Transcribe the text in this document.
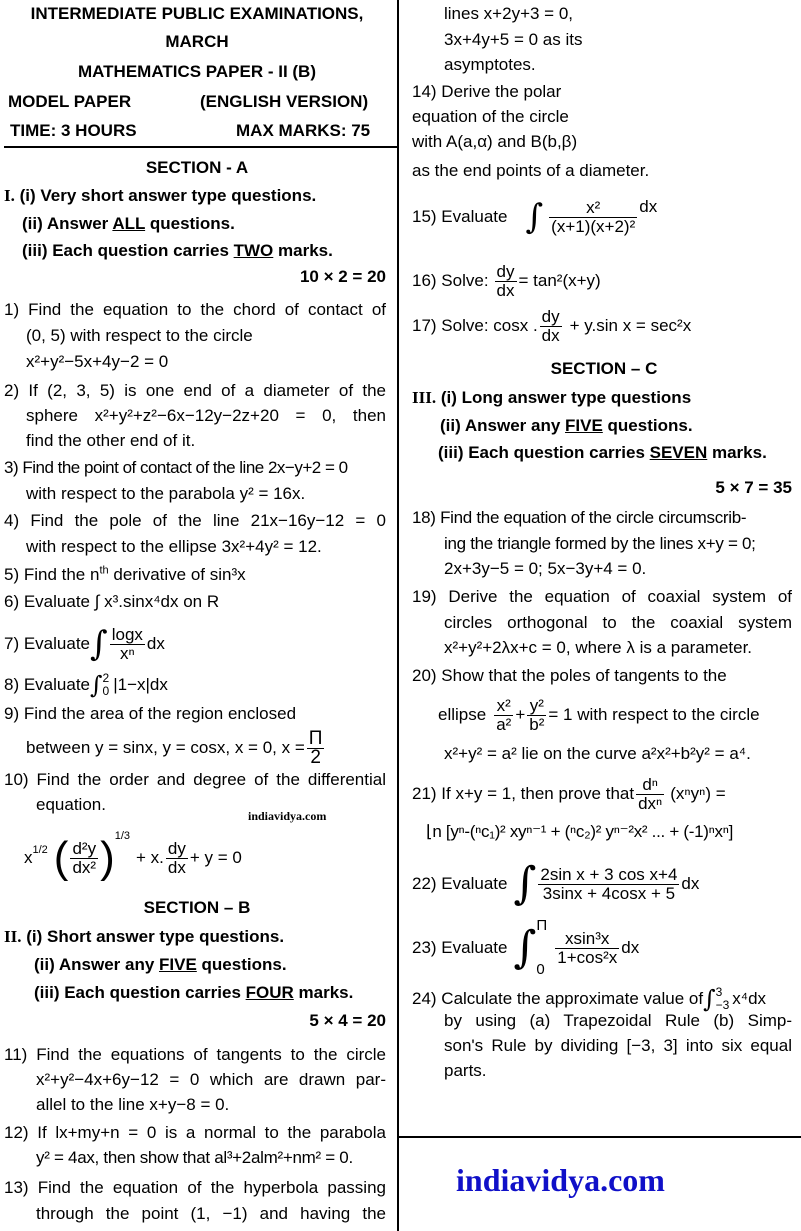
INTERMEDIATE PUBLIC EXAMINATIONS,
MARCH
MATHEMATICS PAPER - II (B)
MODEL PAPER	(ENGLISH VERSION)
TIME: 3 HOURS	MAX MARKS: 75
SECTION - A
I. (i) Very short answer type questions.
(ii) Answer ALL questions.
(iii) Each question carries TWO marks.
10 × 2 = 20
1) Find the equation to the chord of contact of
(0, 5) with respect to the circle
x²+y²−5x+4y−2 = 0
2) If (2, 3, 5) is one end of a diameter of the
sphere x²+y²+z²−6x−12y−2z+20 = 0, then
find the other end of it.
3) Find the point of contact of the line 2x−y+2 = 0
with respect to the parabola y² = 16x.
4) Find the pole of the line 21x−16y−12 = 0
with respect to the ellipse 3x²+4y² = 12.
5) Find the $n^{th}$ derivative of sin³x
6) Evaluate ∫ x³.sinx⁴dx on R
7) Evaluate ∫ $\frac{\log x}{\text{xⁿ}}$ dx
8) Evaluate ∫ 2
0 |1−x|dx
9) Find the area of the region enclosed
between y = sinx, y = cosx, x = 0, $x = \frac{\Pi}{2}$
10) Find the order and degree of the differential
equation.
indiavidya.com
$x^{1/2}$ ( $\frac{\text{d²y}}{\text{dx²}} )^{1/3}$
+ x. $\frac{dy}{dx} + y = 0$
SECTION – B
II. (i) Short answer type questions.
(ii) Answer any FIVE questions.
(iii) Each question carries FOUR marks.
5 × 4 = 20
11) Find the equations of tangents to the circle
x²+y²−4x+6y−12 = 0 which are drawn par-
allel to the line x+y−8 = 0.
12) If lx+my+n = 0 is a normal to the parabola
y² = 4ax, then show that al³+2alm²+nm² = 0.
13) Find the equation of the hyperbola passing
through the point (1, −1) and having the
lines x+2y+3 = 0,
3x+4y+5 = 0 as its
asymptotes.
14) Derive the polar
equation of the circle
with A(a,α) and B(b,β)
as the end points of a diameter.
15) Evaluate ∫ $\frac{\text{x²}}{\text{(x+1)(x+2)²}}$ dx
16) Solve: $\frac{dy}{dx} = \tan^2(x+y)$
17) Solve: cosx . $\frac{dy}{dx} + y.\sin$ x = sec²x
SECTION – C
III. (i) Long answer type questions
(ii) Answer any FIVE questions.
(iii) Each question carries SEVEN marks.
5 × 7 = 35
18) Find the equation of the circle circumscrib-
ing the triangle formed by the lines x+y = 0;
2x+3y−5 = 0; 5x−3y+4 = 0.
19) Derive the equation of coaxial system of
circles orthogonal to the coaxial system
x²+y²+2λx+c = 0, where λ is a parameter.
20) Show that the poles of tangents to the
ellipse $\frac{\text{x²}}{\text{a²}} + \frac{\text{y²}}{\text{b²}} = 1$ with respect to the circle
x²+y² = a² lie on the curve a²x²+b²y² = a⁴.
21) If x+y = 1, then prove that $\frac{\text{dⁿ}}{\text{dxⁿ}} (x^ny^n)$ =
⌊n [yⁿ-(ⁿc₁)² xyⁿ⁻¹ + (ⁿc₂)² yⁿ⁻²x² ... + (-1)ⁿxⁿ]
22) Evaluate ∫ $\frac{\text{2sin x + 3 cos x+4}}{3\sin x + 4\cos x + 5}$ dx
23) Evaluate ∫ Π
0
$\frac{\text{xsin³x}}{\text{1+cos²x}}$ dx
24) Calculate the approximate value of ∫ 3
−3 x⁴dx
by using (a) Trapezoidal Rule (b) Simp-
son's Rule by dividing [−3, 3] into six equal
parts.
indiavidya.com
